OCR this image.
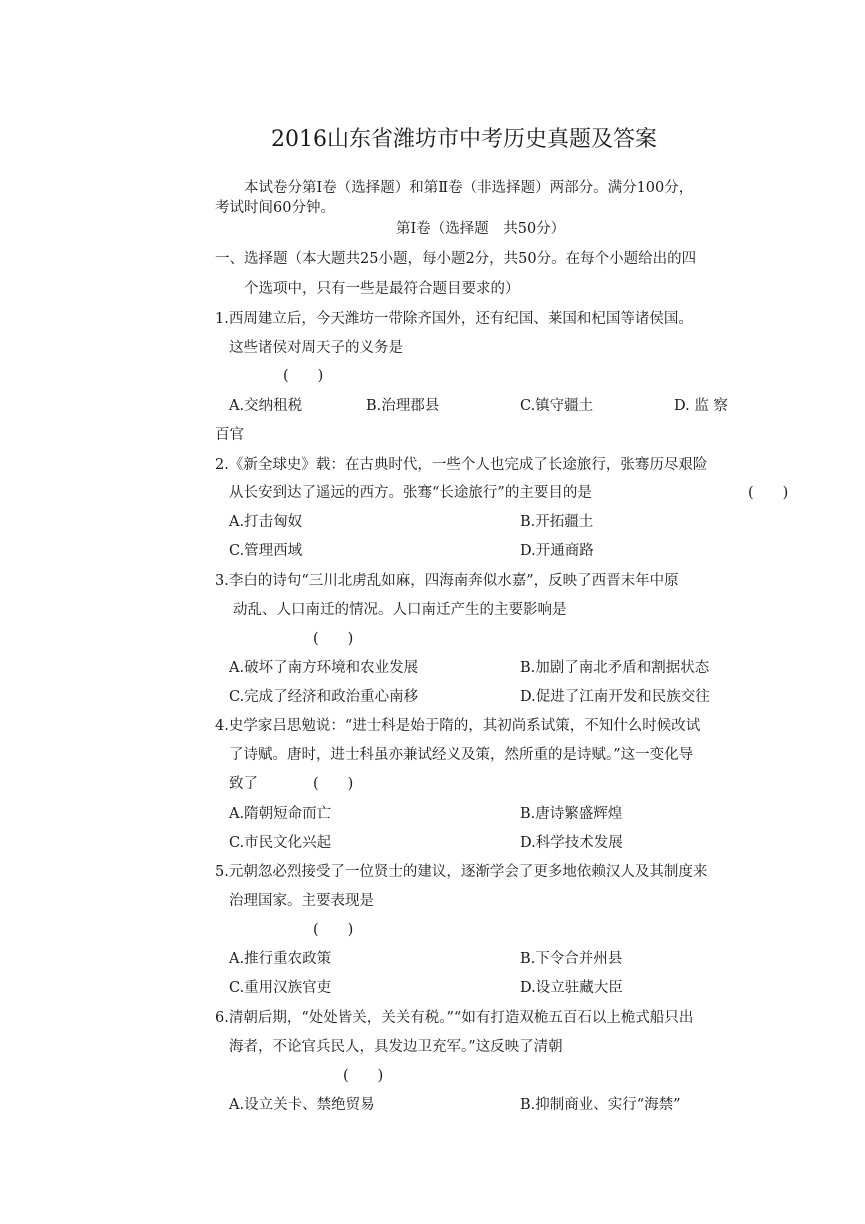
2016山东省潍坊市中考历史真题及答案
本试卷分第Ⅰ卷（选择题）和第Ⅱ卷（非选择题）两部分。满分100分，
考试时间60分钟。
第Ⅰ卷（选择题　共50分）
一、选择题（本大题共25小题，每小题2分，共50分。在每个小题给出的四
个选项中，只有一些是最符合题目要求的）
1.西周建立后，今天潍坊一带除齐国外，还有纪国、莱国和杞国等诸侯国。
这些诸侯对周天子的义务是
(　　)
A.交纳租税	B.治理郡县	C.镇守疆土	D. 监 察
百官
2.《新全球史》载：在古典时代，一些个人也完成了长途旅行，张骞历尽艰险
从长安到达了遥远的西方。张骞“长途旅行”的主要目的是	(　　)
A.打击匈奴	B.开拓疆土
C.管理西域	D.开通商路
3.李白的诗句“三川北虏乱如麻，四海南奔似水嘉”，反映了西晋末年中原
动乱、人口南迁的情况。人口南迁产生的主要影响是
(　　)
A.破坏了南方环境和农业发展	B.加剧了南北矛盾和割据状态
C.完成了经济和政治重心南移	D.促进了江南开发和民族交往
4.史学家吕思勉说：“进士科是始于隋的，其初尚系试策，不知什么时候改试
了诗赋。唐时，进士科虽亦兼试经义及策，然所重的是诗赋。”这一变化导
致了	(　　)
A.隋朝短命而亡	B.唐诗繁盛辉煌
C.市民文化兴起	D.科学技术发展
5.元朝忽必烈接受了一位贤士的建议，逐渐学会了更多地依赖汉人及其制度来
治理国家。主要表现是
(　　)
A.推行重农政策	B.下令合并州县
C.重用汉族官吏	D.设立驻藏大臣
6.清朝后期，“处处皆关，关关有税。”“如有打造双桅五百石以上桅式船只出
海者，不论官兵民人，具发边卫充军。”这反映了清朝
(　　)
A.设立关卡、禁绝贸易	B.抑制商业、实行“海禁”
